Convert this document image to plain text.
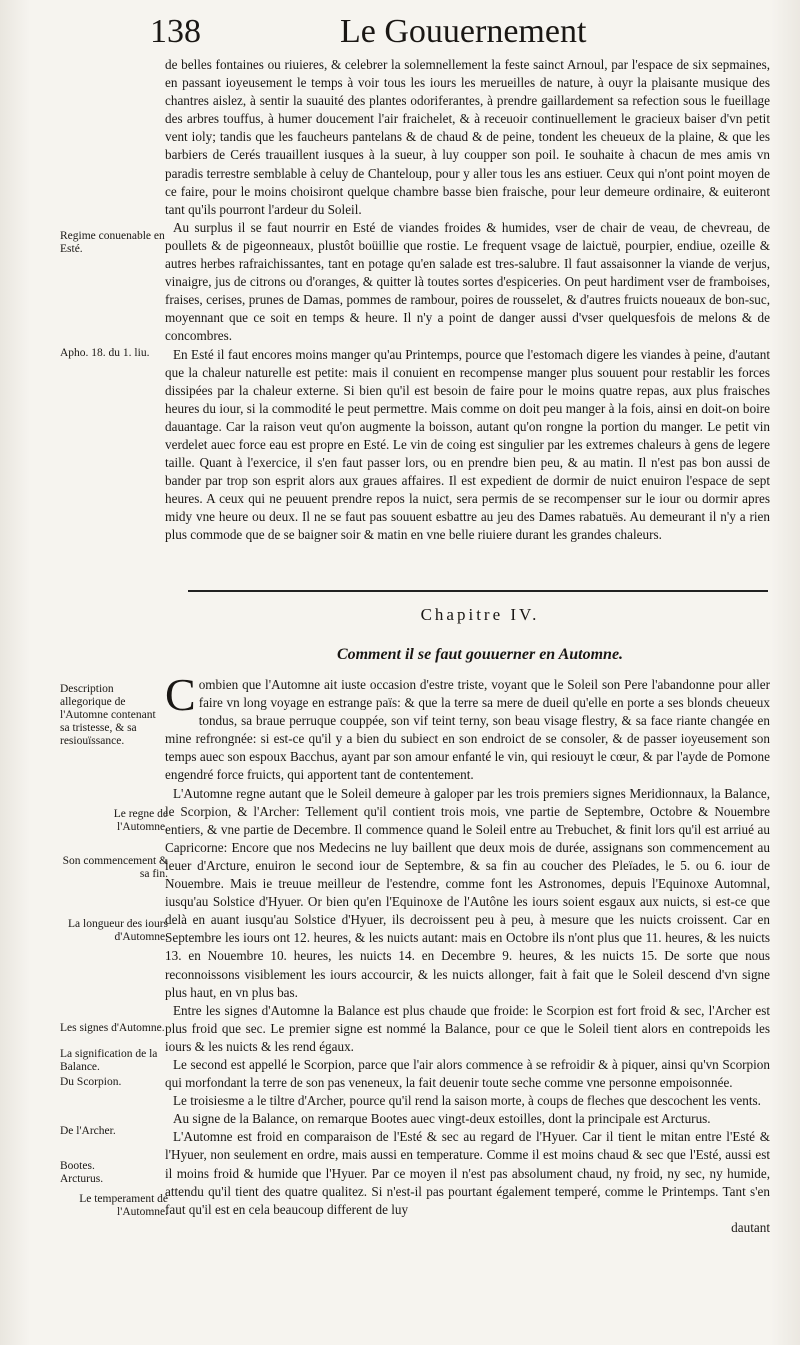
138	Le Gouuernement

de belles fontaines ou riuieres, & celebrer la solemnellement la feste sainct Arnoul, par l'espace de six sepmaines, en passant ioyeusement le temps à voir tous les iours les merueilles de nature, à ouyr la plaisante musique des chantres aislez, à sentir la suauité des plantes odoriferantes, à prendre gaillardement sa refection sous le fueillage des arbres touffus, à humer doucement l'air fraichelet, & à receuoir continuellement le gracieux baiser d'vn petit vent ioly; tandis que les faucheurs pantelans & de chaud & de peine, tondent les cheueux de la plaine, & que les barbiers de Cerés trauaillent iusques à la sueur, à luy coupper son poil. Ie souhaite à chacun de mes amis vn paradis terrestre semblable à celuy de Chanteloup, pour y aller tous les ans estiuer. Ceux qui n'ont point moyen de ce faire, pour le moins choisiront quelque chambre basse bien fraische, pour leur demeure ordinaire, & euiteront tant qu'ils pourront l'ardeur du Soleil.

Au surplus il se faut nourrir en Esté de viandes froides & humides, vser de chair de veau, de chevreau, de poullets & de pigeonneaux, plustôt boüillie que rostie. Le frequent vsage de laictuë, pourpier, endiue, ozeille & autres herbes rafraichissantes, tant en potage qu'en salade est tres-salubre. Il faut assaisonner la viande de verjus, vinaigre, jus de citrons ou d'oranges, & quitter là toutes sortes d'espiceries. On peut hardiment vser de framboises, fraises, cerises, prunes de Damas, pommes de rambour, poires de rousselet, & d'autres fruicts noueaux de bon-suc, moyennant que ce soit en temps & heure. Il n'y a point de danger aussi d'vser quelquesfois de melons & de concombres.

En Esté il faut encores moins manger qu'au Printemps, pource que l'estomach digere les viandes à peine, d'autant que la chaleur naturelle est petite: mais il conuient en recompense manger plus souuent pour restablir les forces dissipées par la chaleur externe. Si bien qu'il est besoin de faire pour le moins quatre repas, aux plus fraisches heures du iour, si la commodité le peut permettre. Mais comme on doit peu manger à la fois, ainsi en doit-on boire dauantage. Car la raison veut qu'on augmente la boisson, autant qu'on rongne la portion du manger. Le petit vin verdelet auec force eau est propre en Esté. Le vin de coing est singulier par les extremes chaleurs à gens de legere taille. Quant à l'exercice, il s'en faut passer lors, ou en prendre bien peu, & au matin. Il n'est pas bon aussi de bander par trop son esprit alors aux graues affaires. Il est expedient de dormir de nuict enuiron l'espace de sept heures. A ceux qui ne peuuent prendre repos la nuict, sera permis de se recompenser sur le iour ou dormir apres midy vne heure ou deux. Il ne se faut pas souuent esbattre au jeu des Dames rabatuës. Au demeurant il n'y a rien plus commode que de se baigner soir & matin en vne belle riuiere durant les grandes chaleurs.

Chapitre IV.
Comment il se faut gouuerner en Automne.

Combien que l'Automne ait iuste occasion d'estre triste, voyant que le Soleil son Pere l'abandonne pour aller faire vn long voyage en estrange païs: & que la terre sa mere de dueil qu'elle en porte a ses blonds cheueux tondus, sa braue perruque couppée, son vif teint terny, son beau visage flestry, & sa face riante changée en mine refrongnée: si est-ce qu'il y a bien du subiect en son endroict de se consoler, & de passer ioyeusement son temps auec son espoux Bacchus, ayant par son amour enfanté le vin, qui resiouyt le cœur, & par l'ayde de Pomone engendré force fruicts, qui apportent tant de contentement.

L'Automne regne autant que le Soleil demeure à galoper par les trois premiers signes Meridionnaux, la Balance, le Scorpion, & l'Archer: Tellement qu'il contient trois mois, vne partie de Septembre, Octobre & Nouembre entiers, & vne partie de Decembre. Il commence quand le Soleil entre au Trebuchet, & finit lors qu'il est arriué au Capricorne: Encore que nos Medecins ne luy baillent que deux mois de durée, assignans son commencement au leuer d'Arcture, enuiron le second iour de Septembre, & sa fin au coucher des Pleïades, le 5. ou 6. iour de Nouembre. Mais ie treuue meilleur de l'estendre, comme font les Astronomes, depuis l'Equinoxe Automnal, iusqu'au Solstice d'Hyuer. Or bien qu'en l'Equinoxe de l'Autône les iours soient esgaux aux nuicts, si est-ce que delà en auant iusqu'au Solstice d'Hyuer, ils decroissent peu à peu, à mesure que les nuicts croissent. Car en Septembre les iours ont 12. heures, & les nuicts autant: mais en Octobre ils n'ont plus que 11. heures, & les nuicts 13. en Nouembre 10. heures, les nuicts 14. en Decembre 9. heures, & les nuicts 15. De sorte que nous reconnoissons visiblement les iours accourcir, & les nuicts allonger, fait à fait que le Soleil descend d'vn signe plus haut, en vn plus bas.

Entre les signes d'Automne la Balance est plus chaude que froide: le Scorpion est fort froid & sec, l'Archer est plus froid que sec. Le premier signe est nommé la Balance, pour ce que le Soleil tient alors en contrepoids les iours & les nuicts & les rend égaux.

Le second est appellé le Scorpion, parce que l'air alors commence à se refroidir & à piquer, ainsi qu'vn Scorpion qui morfondant la terre de son pas veneneux, la fait deuenir toute seche comme vne personne empoisonnée.

Le troisiesme a le tiltre d'Archer, pource qu'il rend la saison morte, à coups de fleches que descochent les vents.

Au signe de la Balance, on remarque Bootes auec vingt-deux estoilles, dont la principale est Arcturus.

L'Automne est froid en comparaison de l'Esté & sec au regard de l'Hyuer. Car il tient le mitan entre l'Esté & l'Hyuer, non seulement en ordre, mais aussi en temperature. Comme il est moins chaud & sec que l'Esté, aussi est il moins froid & humide que l'Hyuer. Par ce moyen il n'est pas absolument chaud, ny froid, ny sec, ny humide, attendu qu'il tient des quatre qualitez. Si n'est-il pas pourtant également temperé, comme le Printemps. Tant s'en faut qu'il est en cela beaucoup different de luy

dautant

Regime conuenable en Esté.
Apho. 18. du 1. liu.
Description allegorique de l'Automne contenant sa tristesse, & sa resiouïssance.
Le regne de l'Automne.
Son commencement & sa fin.
La longueur des iours d'Automne.
Les signes d'Automne.
La signification de la Balance.
Du Scorpion.
De l'Archer.
Bootes.
Arcturus.
Le temperament de l'Automne.
